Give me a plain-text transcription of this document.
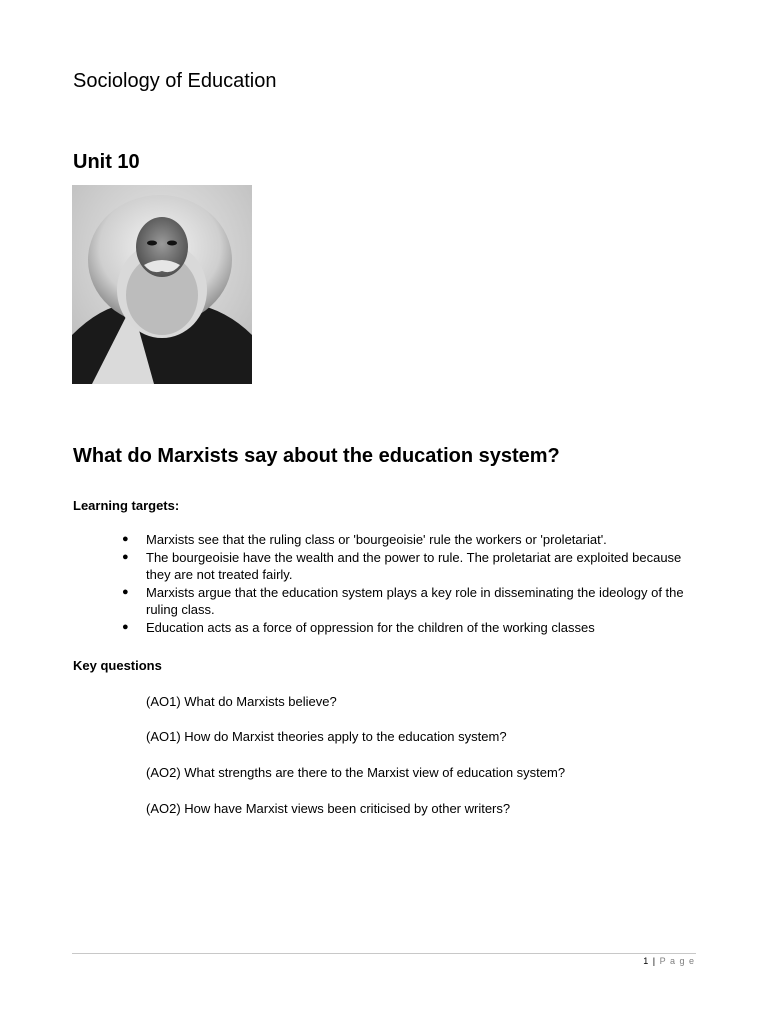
Sociology of Education
Unit 10
What do Marxists say about the education system?
Learning targets:
● Marxists see that the ruling class or 'bourgeoisie' rule the workers or 'proletariat'.
● The bourgeoisie have the wealth and the power to rule. The proletariat are exploited because they are not treated fairly.
● Marxists argue that the education system plays a key role in disseminating the ideology of the ruling class.
● Education acts as a force of oppression for the children of the working classes
Key questions
(AO1) What do Marxists believe?
(AO1) How do Marxist theories apply to the education system?
(AO2) What strengths are there to the Marxist view of education system?
(AO2) How have Marxist views been criticised by other writers?
1 | P a g e
